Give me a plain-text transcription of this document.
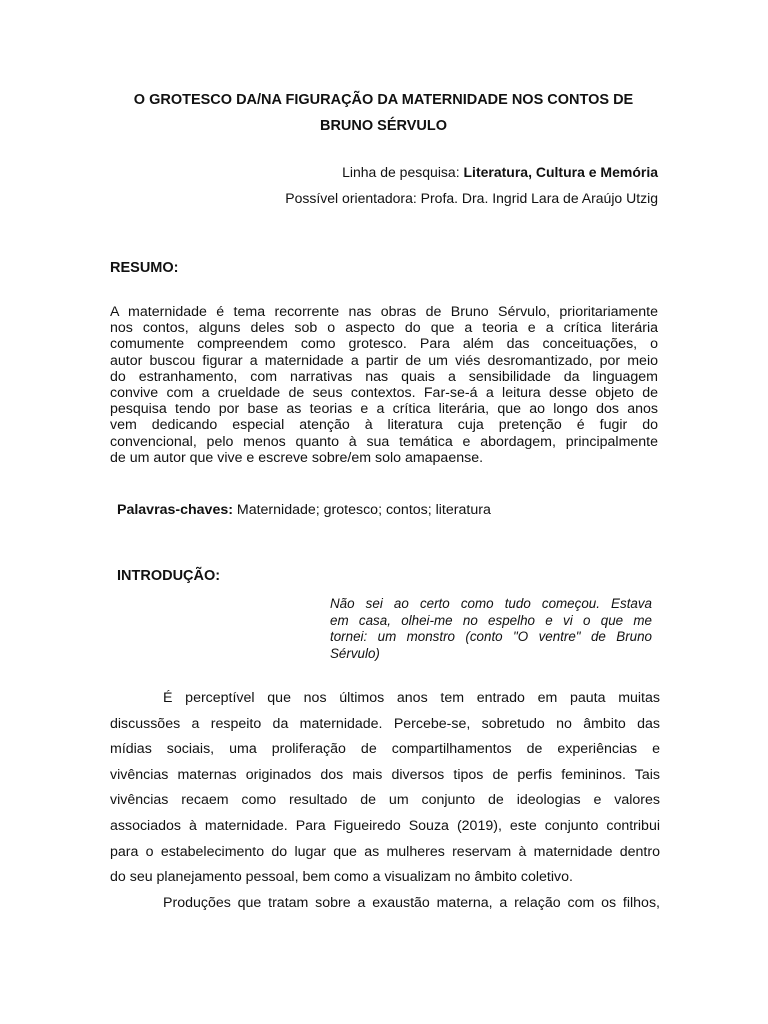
O GROTESCO DA/NA FIGURAÇÃO DA MATERNIDADE NOS CONTOS DE
BRUNO SÉRVULO
Linha de pesquisa: Literatura, Cultura e Memória
Possível orientadora: Profa. Dra. Ingrid Lara de Araújo Utzig
RESUMO:
A maternidade é tema recorrente nas obras de Bruno Sérvulo, prioritariamente
nos contos, alguns deles sob o aspecto do que a teoria e a crítica literária
comumente compreendem como grotesco. Para além das conceituações, o
autor buscou figurar a maternidade a partir de um viés desromantizado, por meio
do estranhamento, com narrativas nas quais a sensibilidade da linguagem
convive com a crueldade de seus contextos. Far-se-á a leitura desse objeto de
pesquisa tendo por base as teorias e a crítica literária, que ao longo dos anos
vem dedicando especial atenção à literatura cuja pretenção é fugir do
convencional, pelo menos quanto à sua temática e abordagem, principalmente
de um autor que vive e escreve sobre/em solo amapaense.
Palavras-chaves: Maternidade; grotesco; contos; literatura
INTRODUÇÃO:
Não sei ao certo como tudo começou. Estava
em casa, olhei-me no espelho e vi o que me
tornei: um monstro (conto "O ventre" de Bruno
Sérvulo)
É perceptível que nos últimos anos tem entrado em pauta muitas
discussões a respeito da maternidade. Percebe-se, sobretudo no âmbito das
mídias sociais, uma proliferação de compartilhamentos de experiências e
vivências maternas originados dos mais diversos tipos de perfis femininos. Tais
vivências recaem como resultado de um conjunto de ideologias e valores
associados à maternidade. Para Figueiredo Souza (2019), este conjunto contribui
para o estabelecimento do lugar que as mulheres reservam à maternidade dentro
do seu planejamento pessoal, bem como a visualizam no âmbito coletivo.
Produções que tratam sobre a exaustão materna, a relação com os filhos,
